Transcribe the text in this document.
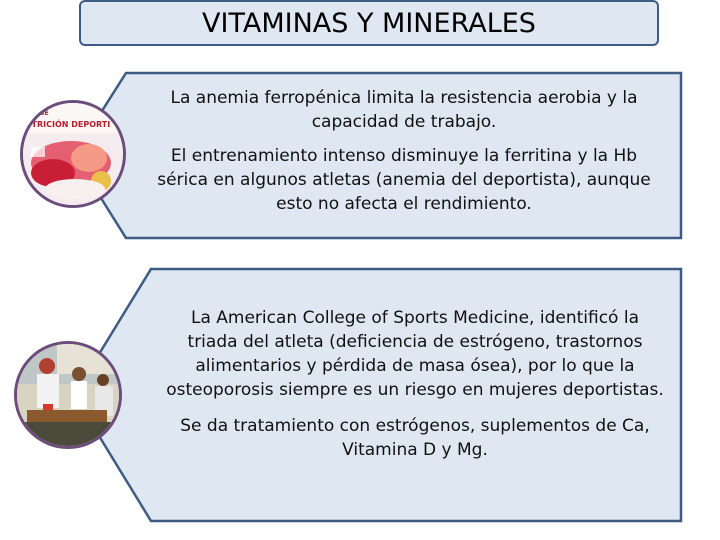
VITAMINAS Y MINERALES
AL DE
UTRICIÓN DEPORTI

La anemia ferropénica limita la resistencia aerobia y la capacidad de trabajo.

El entrenamiento intenso disminuye la ferritina y la Hb sérica en algunos atletas (anemia del deportista), aunque esto no afecta el rendimiento.

La American College of Sports Medicine, identificó la triada del atleta (deficiencia de estrógeno, trastornos alimentarios y pérdida de masa ósea), por lo que la osteoporosis siempre es un riesgo en mujeres deportistas.

Se da tratamiento con estrógenos, suplementos de Ca, Vitamina D y Mg.
